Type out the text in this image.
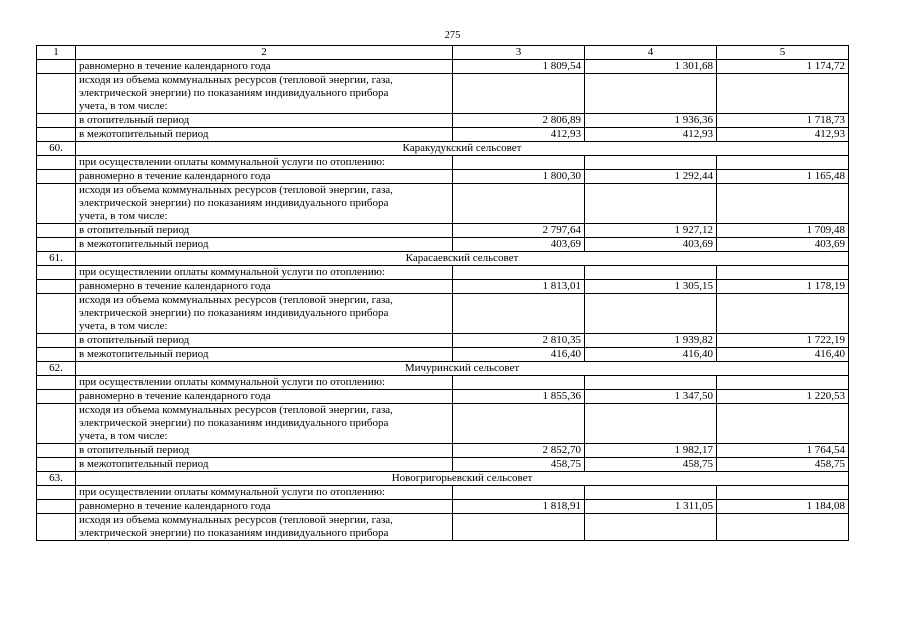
275
1	2	3	4	5
	равномерно в течение календарного года	1 809,54	1 301,68	1 174,72

	исходя из объема коммунальных ресурсов (тепловой энергии, газа,
электрической энергии) по показаниям индивидуального прибора
учета, в том числе:			

	в отопительный период	2 806,89	1 936,36	1 718,73
	в межотопительный период	412,93	412,93	412,93
60.	Каракудукский сельсовет			
	при осуществлении оплаты коммунальной услуги по отоплению:			
	равномерно в течение календарного года	1 800,30	1 292,44	1 165,48

	исходя из объема коммунальных ресурсов (тепловой энергии, газа,
электрической энергии) по показаниям индивидуального прибора
учета, в том числе:			

	в отопительный период	2 797,64	1 927,12	1 709,48
	в межотопительный период	403,69	403,69	403,69
61.	Карасаевский сельсовет			
	при осуществлении оплаты коммунальной услуги по отоплению:			
	равномерно в течение календарного года	1 813,01	1 305,15	1 178,19

	исходя из объема коммунальных ресурсов (тепловой энергии, газа,
электрической энергии) по показаниям индивидуального прибора
учета, в том числе:			

	в отопительный период	2 810,35	1 939,82	1 722,19
	в межотопительный период	416,40	416,40	416,40
62.	Мичуринский сельсовет			
	при осуществлении оплаты коммунальной услуги по отоплению:			
	равномерно в течение календарного года	1 855,36	1 347,50	1 220,53

	исходя из объема коммунальных ресурсов (тепловой энергии, газа,
электрической энергии) по показаниям индивидуального прибора
учета, в том числе:			

	в отопительный период	2 852,70	1 982,17	1 764,54
	в межотопительный период	458,75	458,75	458,75
63.	Новогригорьевский сельсовет			
	при осуществлении оплаты коммунальной услуги по отоплению:			
	равномерно в течение календарного года	1 818,91	1 311,05	1 184,08

	исходя из объема коммунальных ресурсов (тепловой энергии, газа,
электрической энергии) по показаниям индивидуального прибора			
